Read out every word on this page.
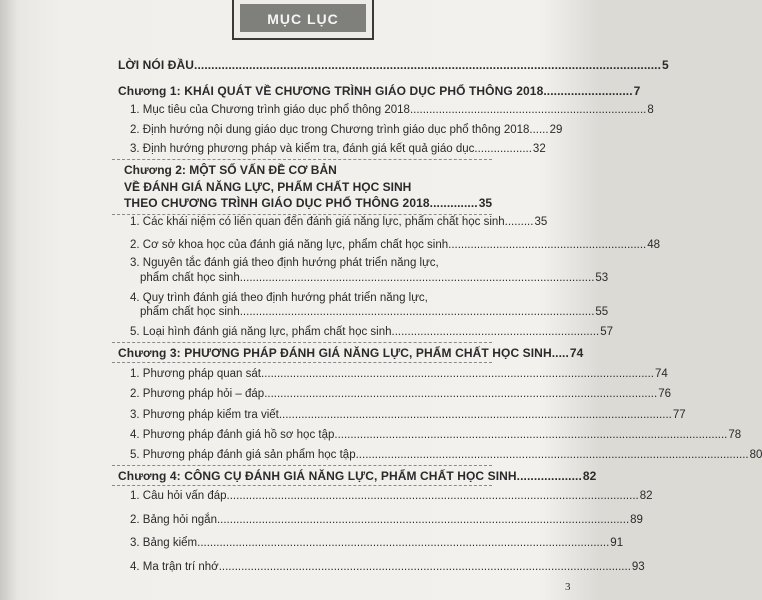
MỤC LỤC
LỜI NÓI ĐẦU........................................................................................................................................ 5
Chương 1: KHÁI QUÁT VỀ CHƯƠNG TRÌNH GIÁO DỤC PHỔ THÔNG 2018.......................... 7
1. Mục tiêu của Chương trình giáo dục phổ thông 2018.......................................................................... 8
2. Định hướng nội dung giáo dục trong Chương trình giáo dục phổ thông 2018...... 29
3. Định hướng phương pháp và kiểm tra, đánh giá kết quả giáo dục.................. 32
Chương 2: MỘT SỐ VẤN ĐỀ CƠ BẢN
VỀ ĐÁNH GIÁ NĂNG LỰC, PHẨM CHẤT HỌC SINH
THEO CHƯƠNG TRÌNH GIÁO DỤC PHỔ THÔNG 2018.............. 35
1. Các khái niệm có liên quan đến đánh giá năng lực, phẩm chất học sinh......... 35
2. Cơ sở khoa học của đánh giá năng lực, phẩm chất học sinh.............................................................. 48
3. Nguyên tắc đánh giá theo định hướng phát triển năng lực,
phẩm chất học sinh............................................................................................................... 53
4. Quy trình đánh giá theo định hướng phát triển năng lực,
phẩm chất học sinh............................................................................................................... 55
5. Loại hình đánh giá năng lực, phẩm chất học sinh................................................................. 57
Chương 3: PHƯƠNG PHÁP ĐÁNH GIÁ NĂNG LỰC, PHẨM CHẤT HỌC SINH..... 74
1. Phương pháp quan sát........................................................................................................................... 74
2. Phương pháp hỏi – đáp........................................................................................................................... 76
3. Phương pháp kiểm tra viết........................................................................................................................... 77
4. Phương pháp đánh giá hồ sơ học tập........................................................................................................................... 78
5. Phương pháp đánh giá sản phẩm học tập........................................................................................................................... 80
Chương 4: CÔNG CỤ ĐÁNH GIÁ NĂNG LỰC, PHẨM CHẤT HỌC SINH................... 82
1. Câu hỏi vấn đáp................................................................................................................................. 82
2. Bảng hỏi ngắn................................................................................................................................. 89
3. Bảng kiểm................................................................................................................................. 91
4. Ma trận trí nhớ................................................................................................................................. 93
3
